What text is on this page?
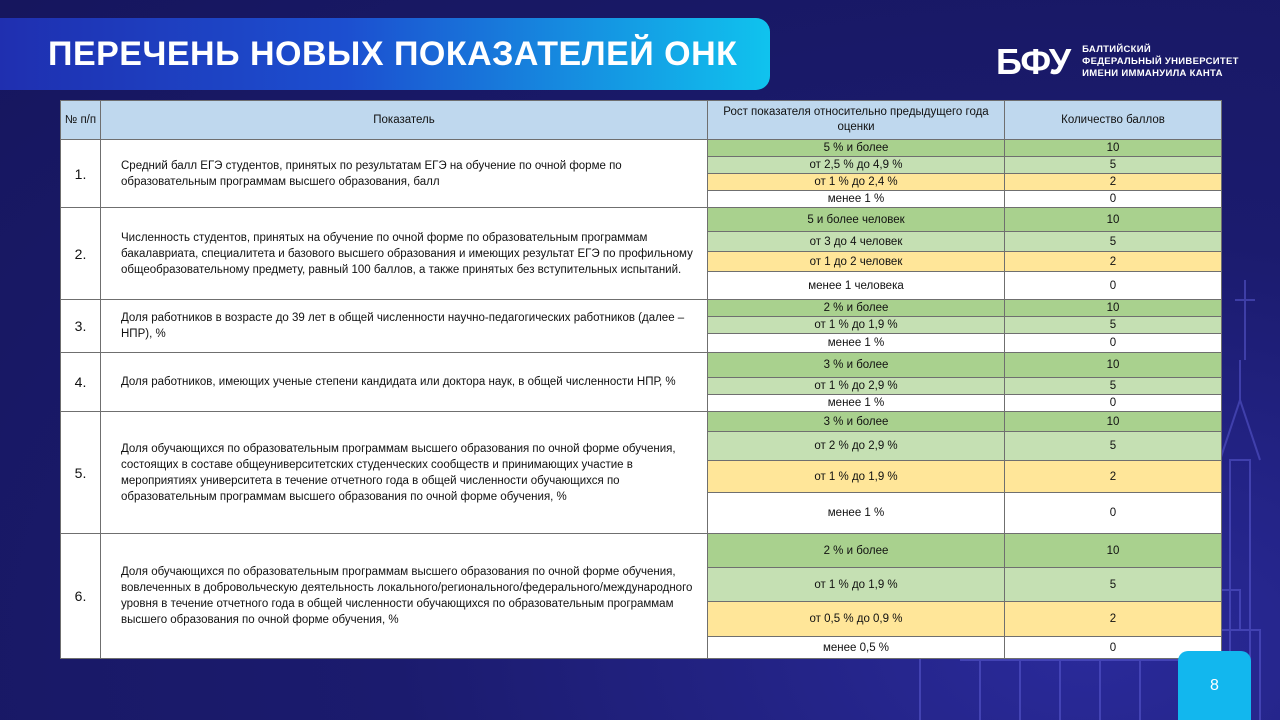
ПЕРЕЧЕНЬ НОВЫХ ПОКАЗАТЕЛЕЙ ОНК	БФУ БАЛТИЙСКИЙ
ФЕДЕРАЛЬНЫЙ УНИВЕРСИТЕТ
ИМЕНИ ИММАНУИЛА КАНТА
№ п/п	Показатель	Рост показателя относительно предыдущего года оценки	Количество баллов
1.	Средний балл ЕГЭ студентов, принятых по результатам ЕГЭ на обучение по очной форме по образовательным программам высшего образования, балл	5 % и более	10
		от 2,5 % до 4,9 %	5
		от 1 % до 2,4 %	2
		менее 1 %	0
2.	Численность студентов, принятых на обучение по очной форме по образовательным программам бакалавриата, специалитета и базового высшего образования и имеющих результат ЕГЭ по профильному общеобразовательному предмету, равный 100 баллов, а также принятых без вступительных испытаний.	5 и более человек	10
		от 3 до 4 человек	5
		от 1 до 2 человек	2
		менее 1 человека	0
3.	Доля работников в возрасте до 39 лет в общей численности научно-педагогических работников (далее – НПР), %	2 % и более	10
		от 1 % до 1,9 %	5
		менее 1 %	0
4.	Доля работников, имеющих ученые степени кандидата или доктора наук, в общей численности НПР, %	3 % и более	10
		от 1 % до 2,9 %	5
		менее 1 %	0
5.	Доля обучающихся по образовательным программам высшего образования по очной форме обучения, состоящих в составе общеуниверситетских студенческих сообществ и принимающих участие в мероприятиях университета в течение отчетного года в общей численности обучающихся по образовательным программам высшего образования по очной форме обучения, %	3 % и более	10
		от 2 % до 2,9 %	5
		от 1 % до 1,9 %	2
		менее 1 %	0
6.	Доля обучающихся по образовательным программам высшего образования по очной форме обучения, вовлеченных в добровольческую деятельность локального/регионального/федерального/международного уровня в течение отчетного года в общей численности обучающихся по образовательным программам высшего образования по очной форме обучения, %	2 % и более	10
		от 1 % до 1,9 %	5
		от 0,5 % до 0,9 %	2
		менее 0,5 %	0
8
